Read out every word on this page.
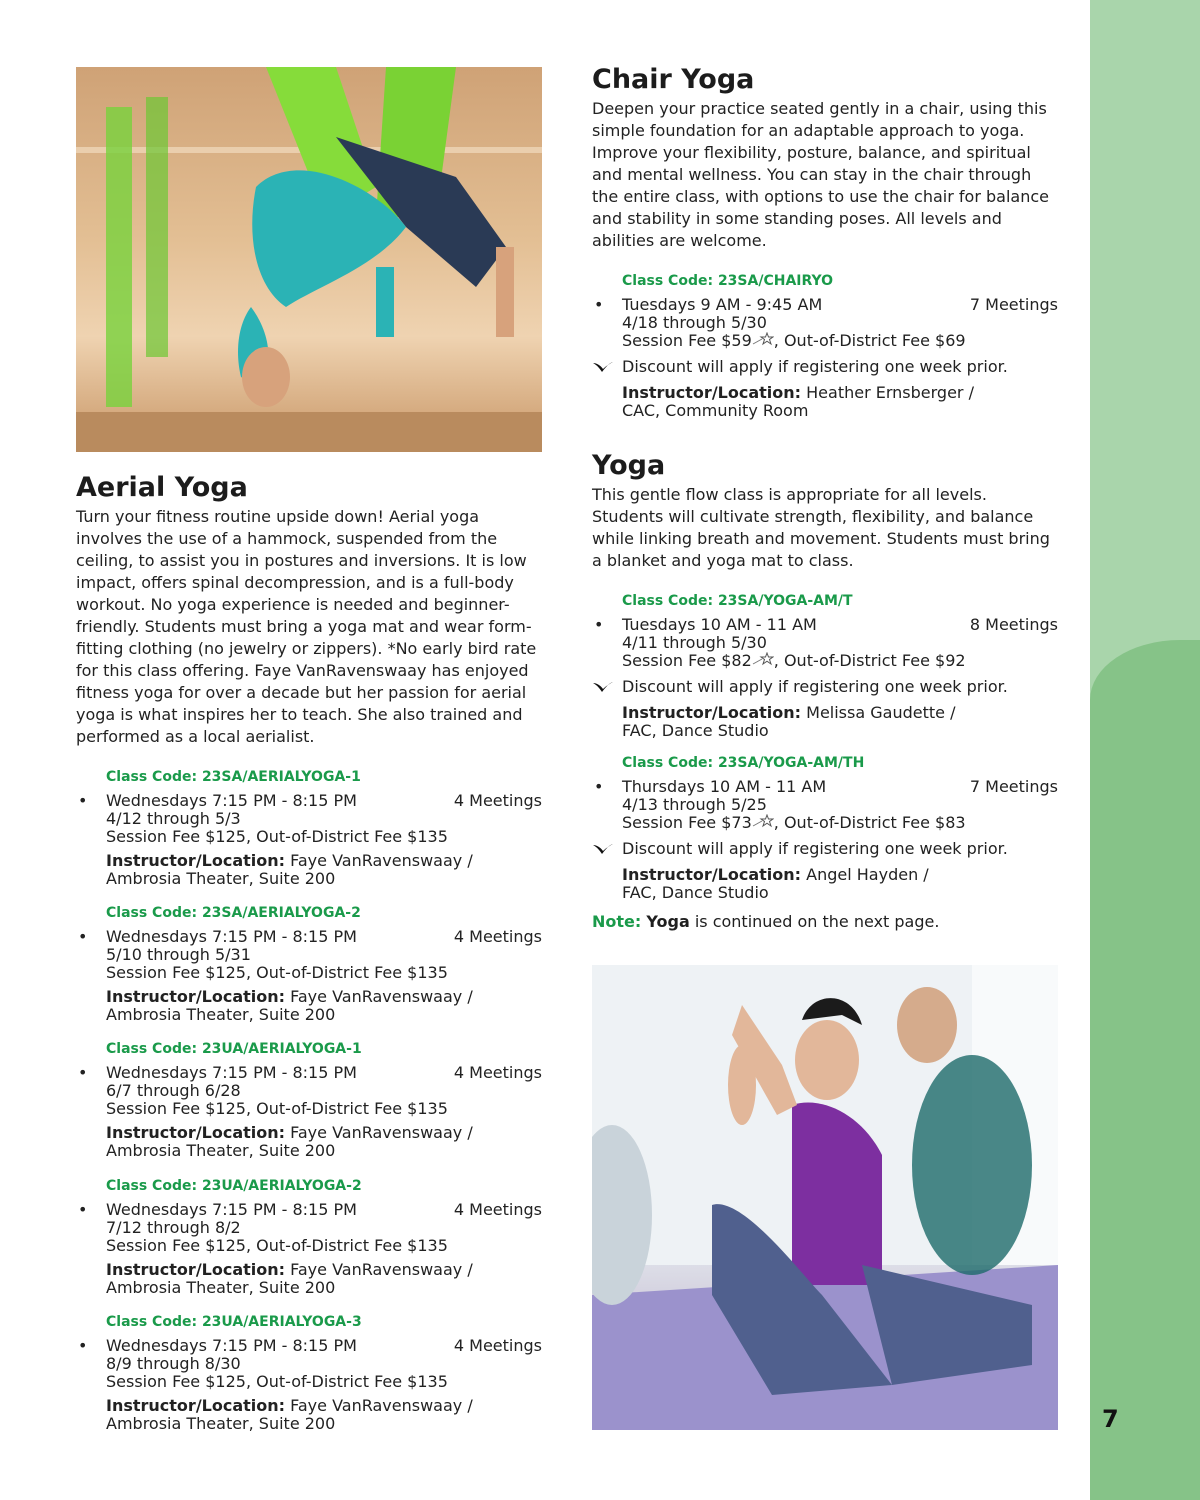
7
Aerial Yoga

Turn your fitness routine upside down! Aerial yoga involves the use of a hammock, suspended from the ceiling, to assist you in postures and inversions. It is low impact, offers spinal decompression, and is a full-body workout. No yoga experience is needed and beginner-friendly. Students must bring a yoga mat and wear form-fitting clothing (no jewelry or zippers). *No early bird rate for this class offering. Faye VanRavenswaay has enjoyed fitness yoga for over a decade but her passion for aerial yoga is what inspires her to teach. She also trained and performed as a local aerialist.

Class Code: 23SA/AERIALYOGA-1
• Wednesdays 7:15 PM - 8:15 PM	4 Meetings
4/12 through 5/3
Session Fee $125, Out-of-District Fee $135
Instructor/Location: Faye VanRavenswaay /
Ambrosia Theater, Suite 200
Class Code: 23SA/AERIALYOGA-2
• Wednesdays 7:15 PM - 8:15 PM	4 Meetings
5/10 through 5/31
Session Fee $125, Out-of-District Fee $135
Instructor/Location: Faye VanRavenswaay /
Ambrosia Theater, Suite 200
Class Code: 23UA/AERIALYOGA-1
• Wednesdays 7:15 PM - 8:15 PM	4 Meetings
6/7 through 6/28
Session Fee $125, Out-of-District Fee $135
Instructor/Location: Faye VanRavenswaay /
Ambrosia Theater, Suite 200
Class Code: 23UA/AERIALYOGA-2
• Wednesdays 7:15 PM - 8:15 PM	4 Meetings
7/12 through 8/2
Session Fee $125, Out-of-District Fee $135
Instructor/Location: Faye VanRavenswaay /
Ambrosia Theater, Suite 200
Class Code: 23UA/AERIALYOGA-3
• Wednesdays 7:15 PM - 8:15 PM	4 Meetings
8/9 through 8/30
Session Fee $125, Out-of-District Fee $135
Instructor/Location: Faye VanRavenswaay /
Ambrosia Theater, Suite 200
Chair Yoga

Deepen your practice seated gently in a chair, using this simple foundation for an adaptable approach to yoga. Improve your flexibility, posture, balance, and spiritual and mental wellness. You can stay in the chair through the entire class, with options to use the chair for balance and stability in some standing poses. All levels and abilities are welcome.

Class Code: 23SA/CHAIRYO
• Tuesdays 9 AM - 9:45 AM	7 Meetings
4/18 through 5/30
Session Fee $59 , Out-of-District Fee $69
Discount will apply if registering one week prior.
Instructor/Location: Heather Ernsberger /
CAC, Community Room
Yoga

This gentle flow class is appropriate for all levels. Students will cultivate strength, flexibility, and balance while linking breath and movement. Students must bring a blanket and yoga mat to class.

Class Code: 23SA/YOGA-AM/T
• Tuesdays 10 AM - 11 AM	8 Meetings
4/11 through 5/30
Session Fee $82 , Out-of-District Fee $92
Discount will apply if registering one week prior.
Instructor/Location: Melissa Gaudette /
FAC, Dance Studio
Class Code: 23SA/YOGA-AM/TH
• Thursdays 10 AM - 11 AM	7 Meetings
4/13 through 5/25
Session Fee $73 , Out-of-District Fee $83
Discount will apply if registering one week prior.
Instructor/Location: Angel Hayden /
FAC, Dance Studio
Note: Yoga is continued on the next page.
